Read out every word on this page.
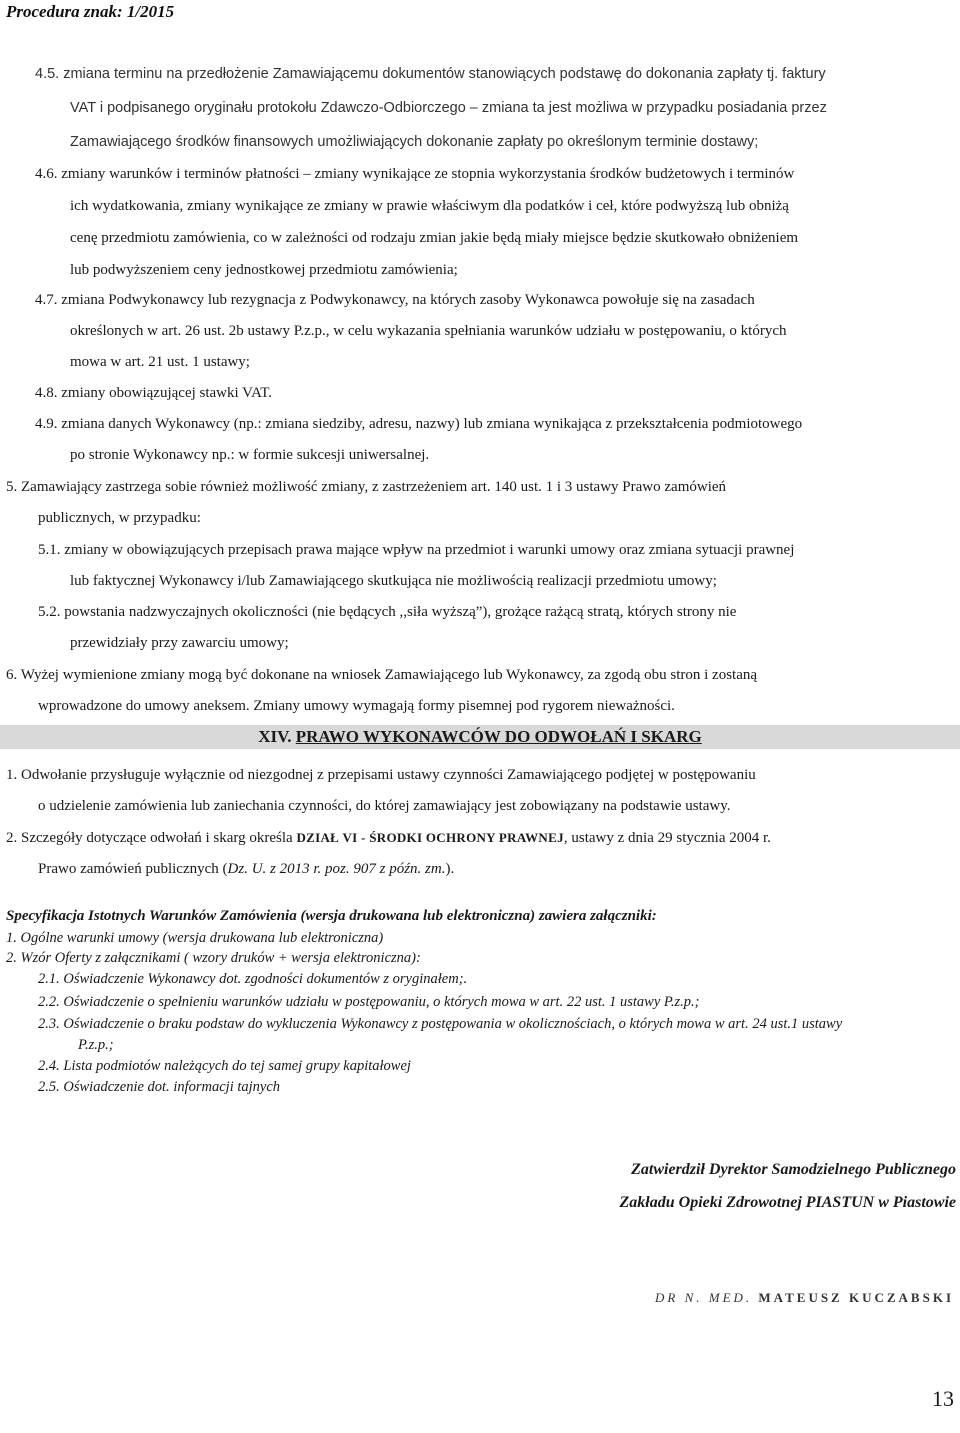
Procedura znak: 1/2015
4.5. zmiana terminu na przedłożenie Zamawiającemu dokumentów stanowiących podstawę do dokonania zapłaty tj. faktury
VAT i podpisanego oryginału protokołu Zdawczo-Odbiorczego – zmiana ta jest możliwa w przypadku posiadania przez
Zamawiającego środków finansowych umożliwiających dokonanie zapłaty po określonym terminie dostawy;
4.6. zmiany warunków i terminów płatności – zmiany wynikające ze stopnia wykorzystania środków budżetowych i terminów
ich wydatkowania, zmiany wynikające ze zmiany w prawie właściwym dla podatków i ceł, które podwyższą lub obniżą
cenę przedmiotu zamówienia, co w zależności od rodzaju zmian jakie będą miały miejsce będzie skutkowało obniżeniem
lub podwyższeniem ceny jednostkowej przedmiotu zamówienia;
4.7. zmiana Podwykonawcy lub rezygnacja z Podwykonawcy, na których zasoby Wykonawca powołuje się na zasadach
określonych w art. 26 ust. 2b ustawy P.z.p., w celu wykazania spełniania warunków udziału w postępowaniu, o których
mowa w art. 21 ust. 1 ustawy;
4.8. zmiany obowiązującej stawki VAT.
4.9. zmiana danych Wykonawcy (np.: zmiana siedziby, adresu, nazwy) lub zmiana wynikająca z przekształcenia podmiotowego
po stronie Wykonawcy np.: w formie sukcesji uniwersalnej.
5. Zamawiający zastrzega sobie również możliwość zmiany, z zastrzeżeniem art. 140 ust. 1 i 3 ustawy Prawo zamówień
publicznych, w przypadku:
5.1. zmiany w obowiązujących przepisach prawa mające wpływ na przedmiot i warunki umowy oraz zmiana sytuacji prawnej
lub faktycznej Wykonawcy i/lub Zamawiającego skutkująca nie możliwością realizacji przedmiotu umowy;
5.2. powstania nadzwyczajnych okoliczności (nie będących ,,siła wyższą”), grożące rażącą stratą, których strony nie
przewidziały przy zawarciu umowy;
6. Wyżej wymienione zmiany mogą być dokonane na wniosek Zamawiającego lub Wykonawcy, za zgodą obu stron i zostaną
wprowadzone do umowy aneksem. Zmiany umowy wymagają formy pisemnej pod rygorem nieważności.
XIV. PRAWO WYKONAWCÓW DO ODWOŁAŃ I SKARG
1. Odwołanie przysługuje wyłącznie od niezgodnej z przepisami ustawy czynności Zamawiającego podjętej w postępowaniu
o udzielenie zamówienia lub zaniechania czynności, do której zamawiający jest zobowiązany na podstawie ustawy.
2. Szczegóły dotyczące odwołań i skarg określa DZIAŁ VI - ŚRODKI OCHRONY PRAWNEJ, ustawy z dnia 29 stycznia 2004 r.
Prawo zamówień publicznych (Dz. U. z 2013 r. poz. 907 z późn. zm.).
Specyfikacja Istotnych Warunków Zamówienia (wersja drukowana lub elektroniczna) zawiera załączniki:
1. Ogólne warunki umowy (wersja drukowana lub elektroniczna)
2. Wzór Oferty z załącznikami ( wzory druków + wersja elektroniczna):
2.1. Oświadczenie Wykonawcy dot. zgodności dokumentów z oryginałem;.
2.2. Oświadczenie o spełnieniu warunków udziału w postępowaniu, o których mowa w art. 22 ust. 1 ustawy P.z.p.;
2.3. Oświadczenie o braku podstaw do wykluczenia Wykonawcy z postępowania w okolicznościach, o których mowa w art. 24 ust.1 ustawy
P.z.p.;
2.4. Lista podmiotów należących do tej samej grupy kapitałowej
2.5. Oświadczenie dot. informacji tajnych
Zatwierdził Dyrektor Samodzielnego Publicznego
Zakładu Opieki Zdrowotnej PIASTUN w Piastowie
DR N. MED. MATEUSZ KUCZABSKI
13
